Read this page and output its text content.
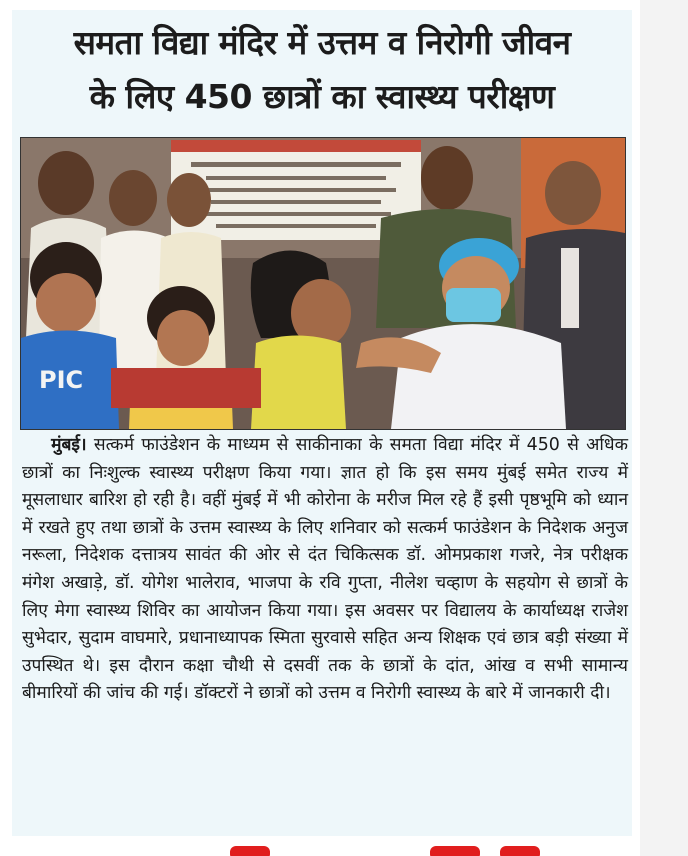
समता विद्या मंदिर में उत्तम व निरोगी जीवन
के लिए 450 छात्रों का स्वास्थ्य परीक्षण
PIC
मुंबई। सत्कर्म फाउंडेशन के माध्यम से साकीनाका के समता विद्या मंदिर में 450 से अधिक छात्रों का निःशुल्क स्वास्थ्य परीक्षण किया गया। ज्ञात हो कि इस समय मुंबई समेत राज्य में मूसलाधार बारिश हो रही है। वहीं मुंबई में भी कोरोना के मरीज मिल रहे हैं इसी पृष्ठभूमि को ध्यान में रखते हुए तथा छात्रों के उत्तम स्वास्थ्य के लिए शनिवार को सत्कर्म फाउंडेशन के निदेशक अनुज नरूला, निदेशक दत्तात्रय सावंत की ओर से दंत चिकित्सक डॉ. ओमप्रकाश गजरे, नेत्र परीक्षक मंगेश अखाड़े, डॉ. योगेश भालेराव, भाजपा के रवि गुप्ता, नीलेश चव्हाण के सहयोग से छात्रों के लिए मेगा स्वास्थ्य शिविर का आयोजन किया गया। इस अवसर पर विद्यालय के कार्याध्यक्ष राजेश सुभेदार, सुदाम वाघमारे, प्रधानाध्यापक स्मिता सुरवासे सहित अन्य शिक्षक एवं छात्र बड़ी संख्या में उपस्थित थे। इस दौरान कक्षा चौथी से दसवीं तक के छात्रों के दांत, आंख व सभी सामान्य बीमारियों की जांच की गई। डॉक्टरों ने छात्रों को उत्तम व निरोगी स्वास्थ्य के बारे में जानकारी दी।
